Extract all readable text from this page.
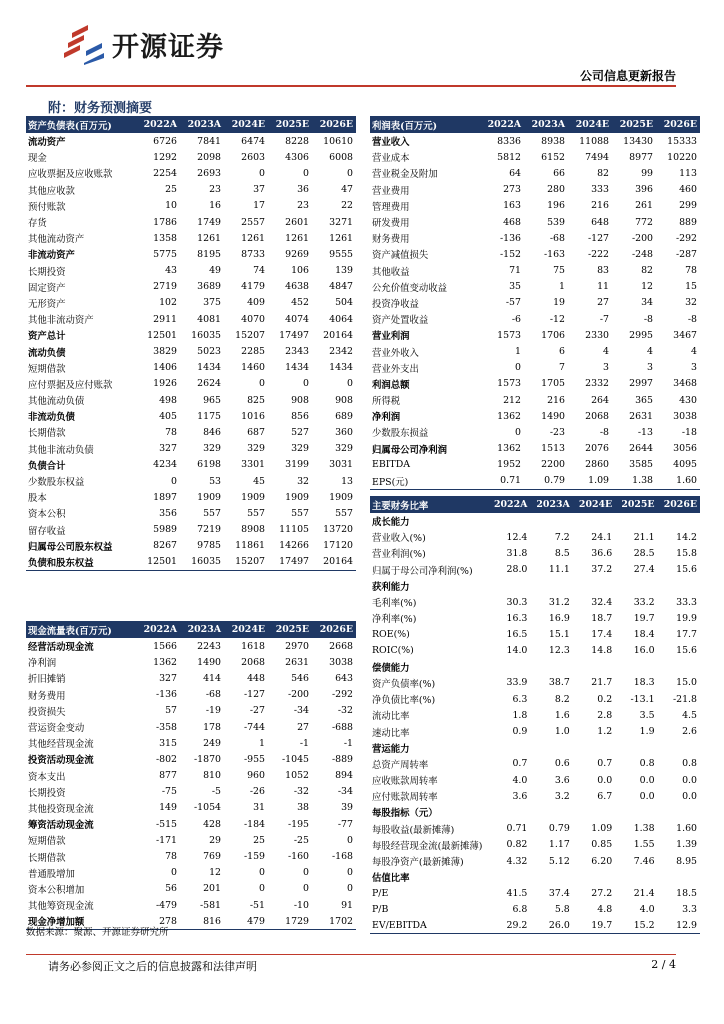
开源证券
公司信息更新报告
附：财务预测摘要
资产负债表(百万元)	2022A	2023A	2024E	2025E	2026E
流动资产	6726	7841	6474	8228	10610
现金	1292	2098	2603	4306	6008
应收票据及应收账款	2254	2693	0	0	0
其他应收款	25	23	37	36	47
预付账款	10	16	17	23	22
存货	1786	1749	2557	2601	3271
其他流动资产	1358	1261	1261	1261	1261
非流动资产	5775	8195	8733	9269	9555
长期投资	43	49	74	106	139
固定资产	2719	3689	4179	4638	4847
无形资产	102	375	409	452	504
其他非流动资产	2911	4081	4070	4074	4064
资产总计	12501	16035	15207	17497	20164
流动负债	3829	5023	2285	2343	2342
短期借款	1406	1434	1460	1434	1434
应付票据及应付账款	1926	2624	0	0	0
其他流动负债	498	965	825	908	908
非流动负债	405	1175	1016	856	689
长期借款	78	846	687	527	360
其他非流动负债	327	329	329	329	329
负债合计	4234	6198	3301	3199	3031
少数股东权益	0	53	45	32	13
股本	1897	1909	1909	1909	1909
资本公积	356	557	557	557	557
留存收益	5989	7219	8908	11105	13720
归属母公司股东权益	8267	9785	11861	14266	17120
负债和股东权益	12501	16035	15207	17497	20164
利润表(百万元)	2022A	2023A	2024E	2025E	2026E
营业收入	8336	8938	11088	13430	15333
营业成本	5812	6152	7494	8977	10220
营业税金及附加	64	66	82	99	113
营业费用	273	280	333	396	460
管理费用	163	196	216	261	299
研发费用	468	539	648	772	889
财务费用	-136	-68	-127	-200	-292
资产减值损失	-152	-163	-222	-248	-287
其他收益	71	75	83	82	78
公允价值变动收益	35	1	11	12	15
投资净收益	-57	19	27	34	32
资产处置收益	-6	-12	-7	-8	-8
营业利润	1573	1706	2330	2995	3467
营业外收入	1	6	4	4	4
营业外支出	0	7	3	3	3
利润总额	1573	1705	2332	2997	3468
所得税	212	216	264	365	430
净利润	1362	1490	2068	2631	3038
少数股东损益	0	-23	-8	-13	-18
归属母公司净利润	1362	1513	2076	2644	3056
EBITDA	1952	2200	2860	3585	4095
EPS(元)	0.71	0.79	1.09	1.38	1.60
现金流量表(百万元)	2022A	2023A	2024E	2025E	2026E
经营活动现金流	1566	2243	1618	2970	2668
净利润	1362	1490	2068	2631	3038
折旧摊销	327	414	448	546	643
财务费用	-136	-68	-127	-200	-292
投资损失	57	-19	-27	-34	-32
营运资金变动	-358	178	-744	27	-688
其他经营现金流	315	249	1	-1	-1
投资活动现金流	-802	-1870	-955	-1045	-889
资本支出	877	810	960	1052	894
长期投资	-75	-5	-26	-32	-34
其他投资现金流	149	-1054	31	38	39
筹资活动现金流	-515	428	-184	-195	-77
短期借款	-171	29	25	-25	0
长期借款	78	769	-159	-160	-168
普通股增加	0	12	0	0	0
资本公积增加	56	201	0	0	0
其他筹资现金流	-479	-581	-51	-10	91
现金净增加额	278	816	479	1729	1702
主要财务比率	2022A	2023A	2024E	2025E	2026E
成长能力					
营业收入(%)	12.4	7.2	24.1	21.1	14.2
营业利润(%)	31.8	8.5	36.6	28.5	15.8
归属于母公司净利润(%)	28.0	11.1	37.2	27.4	15.6
获利能力					
毛利率(%)	30.3	31.2	32.4	33.2	33.3
净利率(%)	16.3	16.9	18.7	19.7	19.9
ROE(%)	16.5	15.1	17.4	18.4	17.7
ROIC(%)	14.0	12.3	14.8	16.0	15.6
偿债能力					
资产负债率(%)	33.9	38.7	21.7	18.3	15.0
净负债比率(%)	6.3	8.2	0.2	-13.1	-21.8
流动比率	1.8	1.6	2.8	3.5	4.5
速动比率	0.9	1.0	1.2	1.9	2.6
营运能力					
总资产周转率	0.7	0.6	0.7	0.8	0.8
应收账款周转率	4.0	3.6	0.0	0.0	0.0
应付账款周转率	3.6	3.2	6.7	0.0	0.0
每股指标（元）					
每股收益(最新摊薄)	0.71	0.79	1.09	1.38	1.60
每股经营现金流(最新摊薄)	0.82	1.17	0.85	1.55	1.39
每股净资产(最新摊薄)	4.32	5.12	6.20	7.46	8.95
估值比率					
P/E	41.5	37.4	27.2	21.4	18.5
P/B	6.8	5.8	4.8	4.0	3.3
EV/EBITDA	29.2	26.0	19.7	15.2	12.9
数据来源：聚源、开源证券研究所
请务必参阅正文之后的信息披露和法律声明	2 / 4
